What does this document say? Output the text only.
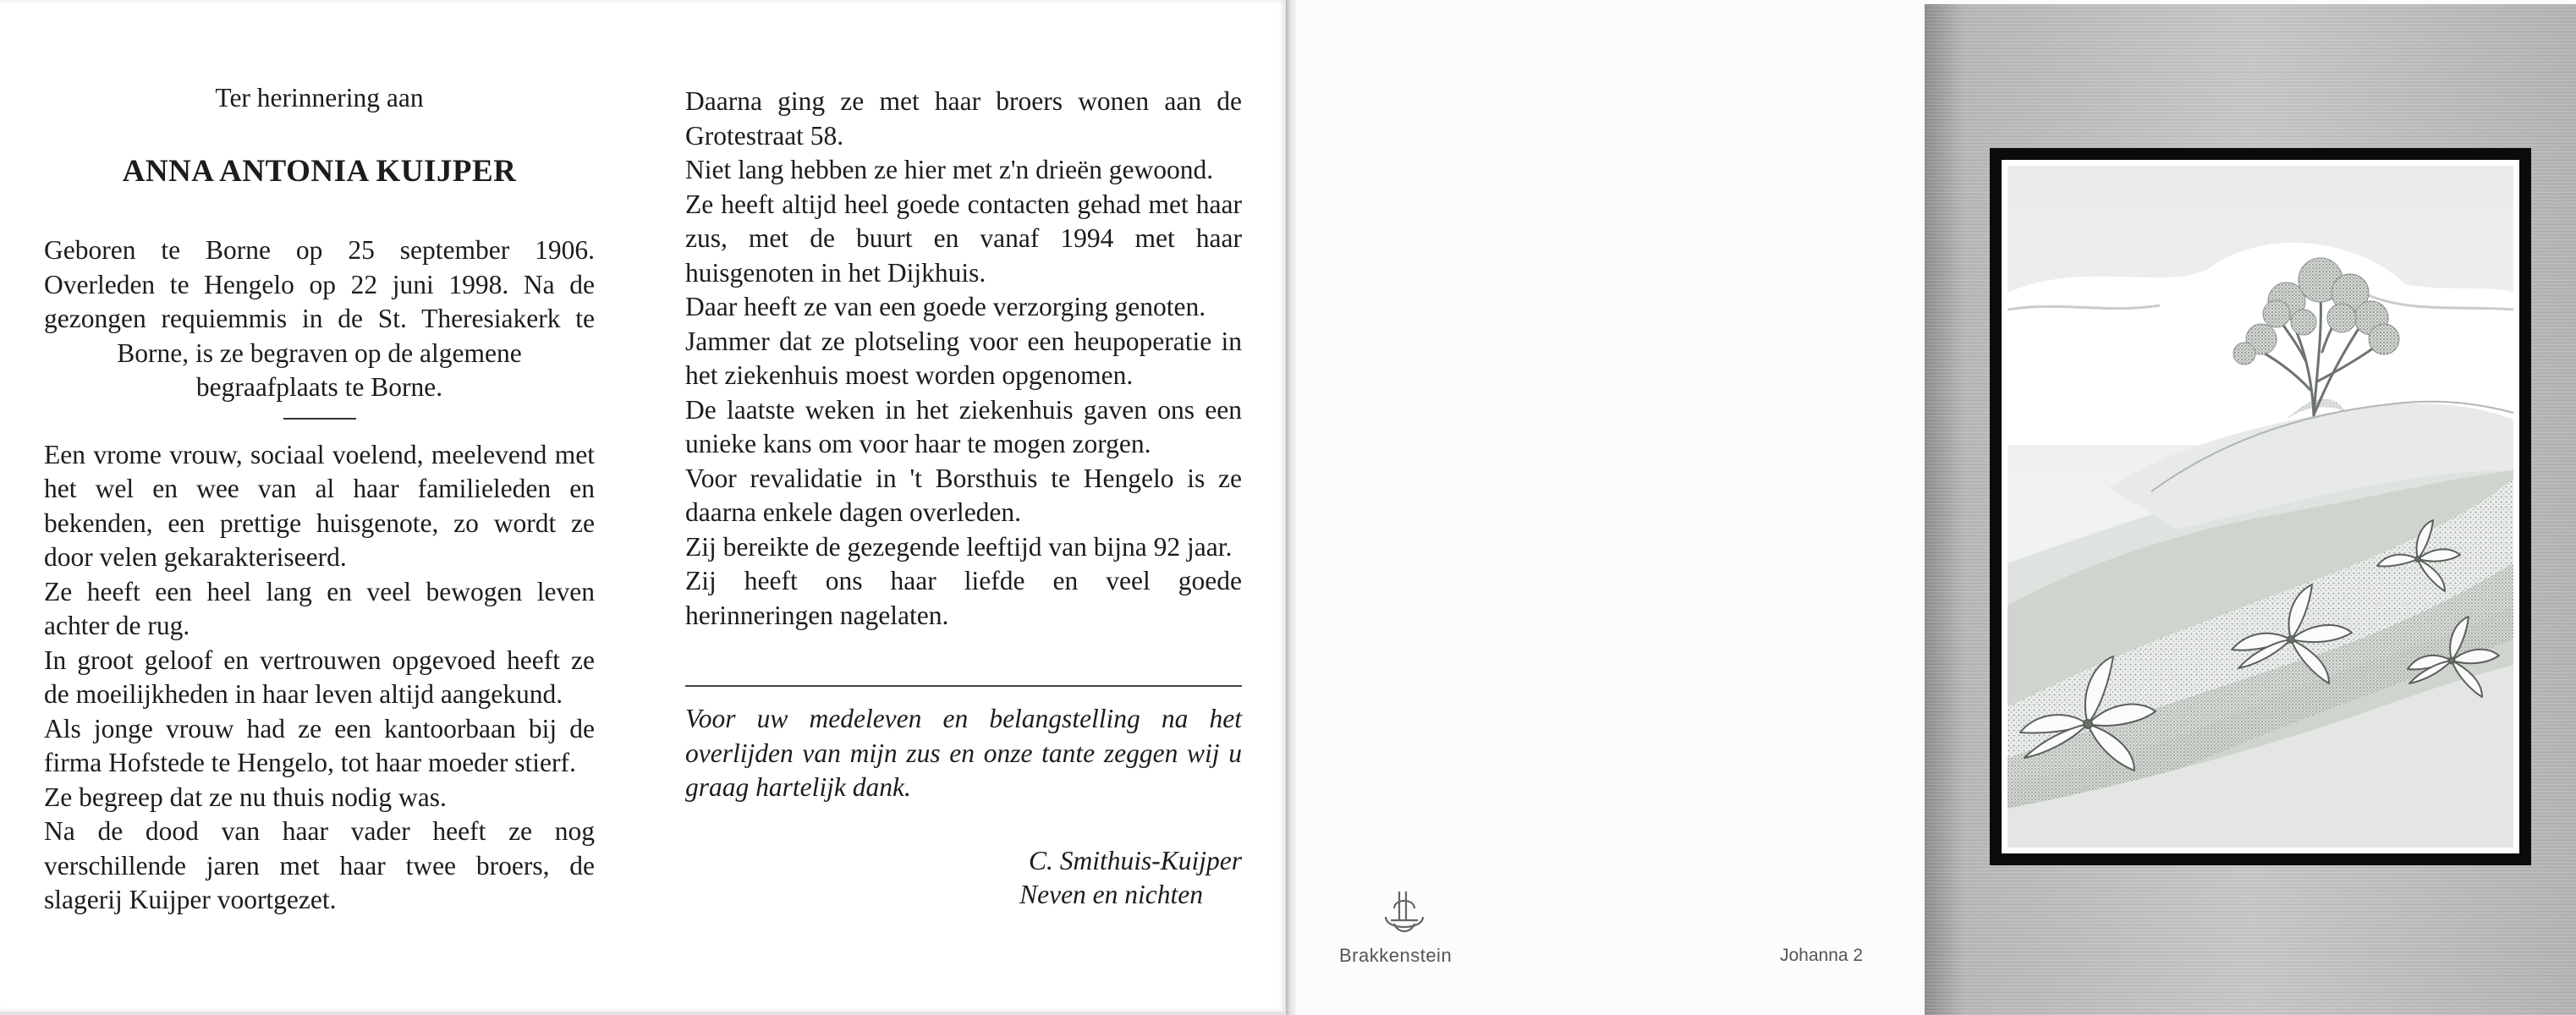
Ter herinnering aan
ANNA ANTONIA KUIJPER
Geboren te Borne op 25 september 1906.
Overleden te Hengelo op 22 juni 1998. Na de
gezongen requiemmis in de St. Theresiakerk te
Borne, is ze begraven op de algemene
begraafplaats te Borne.
Een vrome vrouw, sociaal voelend, meelevend met het wel en wee van al haar familieleden en bekenden, een prettige huisgenote, zo wordt ze door velen gekarakteriseerd.
Ze heeft een heel lang en veel bewogen leven achter de rug.
In groot geloof en vertrouwen opgevoed heeft ze de moeilijkheden in haar leven altijd aangekund.
Als jonge vrouw had ze een kantoorbaan bij de firma Hofstede te Hengelo, tot haar moeder stierf.
Ze begreep dat ze nu thuis nodig was.
Na de dood van haar vader heeft ze nog verschillende jaren met haar twee broers, de slagerij Kuijper voortgezet.
Daarna ging ze met haar broers wonen aan de Grotestraat 58.
Niet lang hebben ze hier met z'n drieën gewoond.
Ze heeft altijd heel goede contacten gehad met haar zus, met de buurt en vanaf 1994 met haar huisgenoten in het Dijkhuis.
Daar heeft ze van een goede verzorging genoten.
Jammer dat ze plotseling voor een heupoperatie in het ziekenhuis moest worden opgenomen.
De laatste weken in het ziekenhuis gaven ons een unieke kans om voor haar te mogen zorgen.
Voor revalidatie in 't Borsthuis te Hengelo is ze daarna enkele dagen overleden.
Zij bereikte de gezegende leeftijd van bijna 92 jaar.
Zij heeft ons haar liefde en veel goede herinneringen nagelaten.
Voor uw medeleven en belangstelling na het overlijden van mijn zus en onze tante zeggen wij u graag hartelijk dank.
C. Smithuis-Kuijper
Neven en nichten
Brakkenstein	Johanna 2
